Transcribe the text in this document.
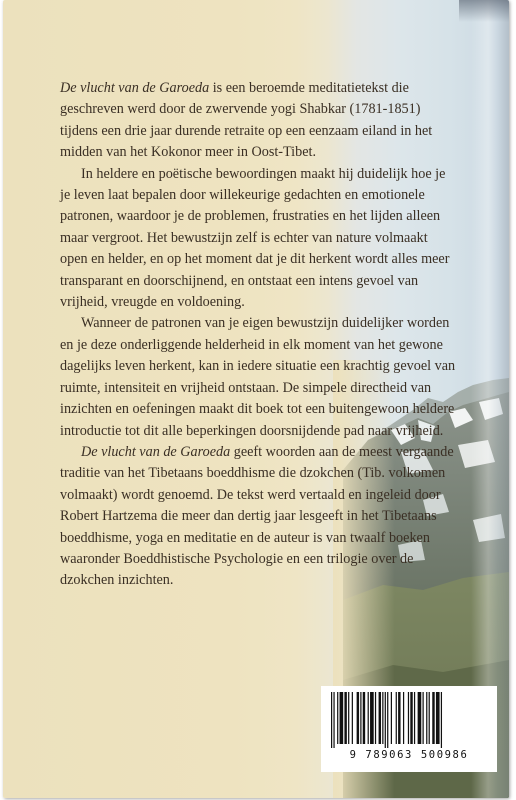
De vlucht van de Garoeda is een beroemde meditatietekst die geschreven werd door de zwervende yogi Shabkar (1781-1851) tijdens een drie jaar durende retraite op een eenzaam eiland in het midden van het Kokonor meer in Oost-Tibet.

In heldere en poëtische bewoordingen maakt hij duidelijk hoe je je leven laat bepalen door willekeurige gedachten en emotionele patronen, waardoor je de problemen, frustraties en het lijden alleen maar vergroot. Het bewustzijn zelf is echter van nature volmaakt open en helder, en op het moment dat je dit herkent wordt alles meer transparant en doorschijnend, en ontstaat een intens gevoel van vrijheid, vreugde en voldoening.

Wanneer de patronen van je eigen bewustzijn duidelijker worden en je deze onderliggende helderheid in elk moment van het gewone dagelijks leven herkent, kan in iedere situatie een krachtig gevoel van ruimte, intensiteit en vrijheid ontstaan. De simpele directheid van inzichten en oefeningen maakt dit boek tot een buitengewoon heldere introductie tot dit alle beperkingen doorsnijdende pad naar vrijheid.

De vlucht van de Garoeda geeft woorden aan de meest vergaande traditie van het Tibetaans boeddhisme die dzokchen (Tib. volkomen volmaakt) wordt genoemd. De tekst werd vertaald en ingeleid door Robert Hartzema die meer dan dertig jaar lesgeeft in het Tibetaans boeddhisme, yoga en meditatie en de auteur is van twaalf boeken waaronder Boeddhistische Psychologie en een trilogie over de dzokchen inzichten.

9 789063 500986
